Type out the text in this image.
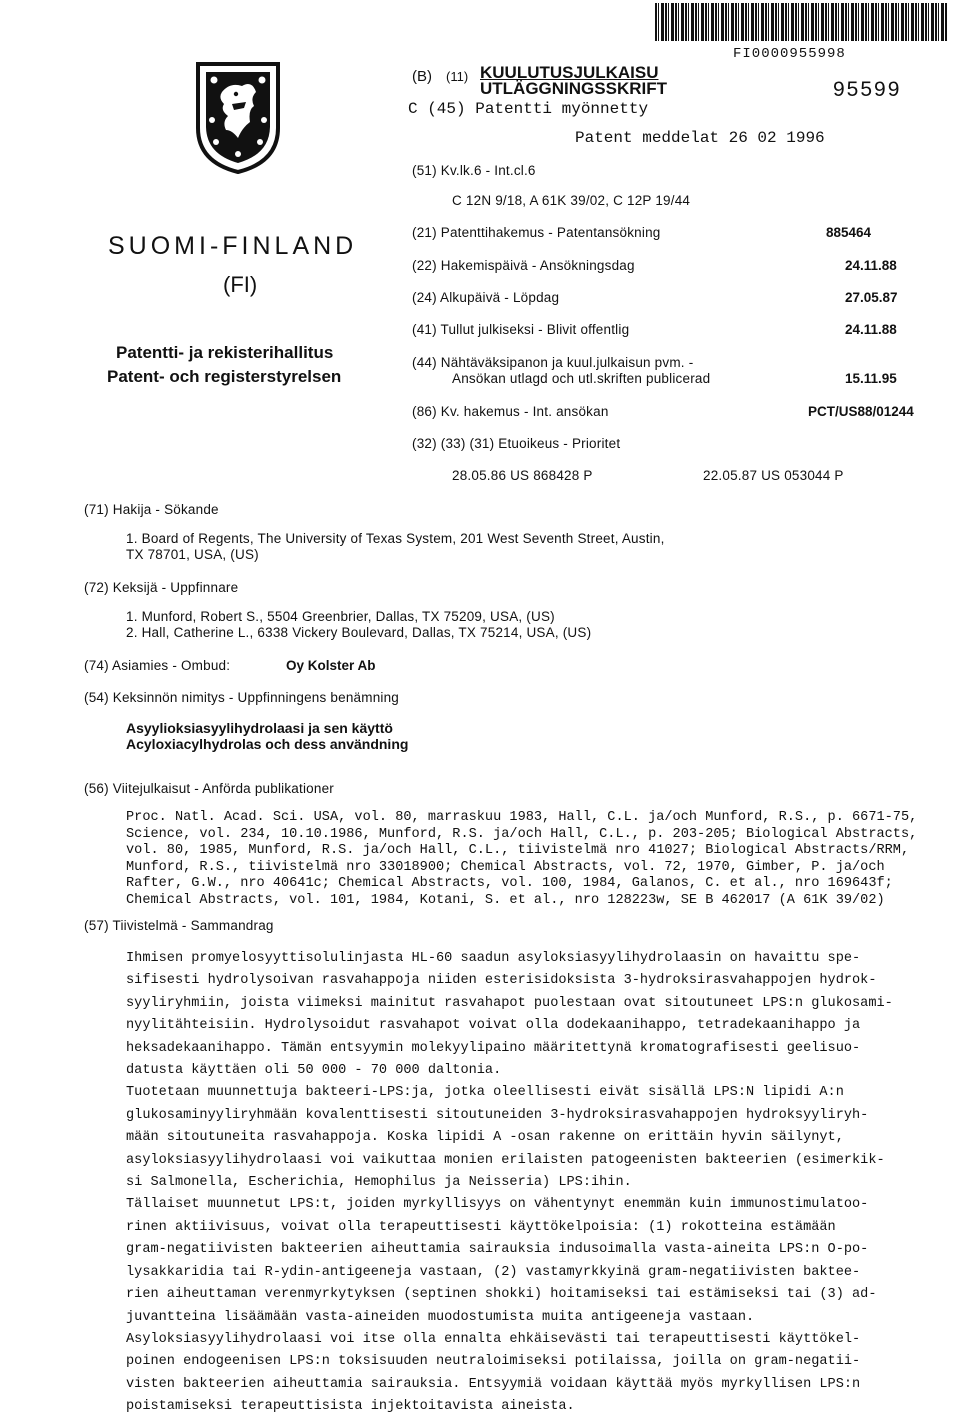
FI0000955998
SUOMI-FINLAND
(FI)
Patentti- ja rekisterihallitus
Patent- och registerstyrelsen
(B) (11) KUULUTUSJULKAISU
UTLÄGGNINGSSKRIFT	95599
C (45) Patentti myönnetty
Patent meddelat 26 02 1996
(51) Kv.lk.6 - Int.cl.6
C 12N 9/18, A 61K 39/02, C 12P 19/44
(21) Patenttihakemus - Patentansökning	885464
(22) Hakemispäivä - Ansökningsdag	24.11.88
(24) Alkupäivä - Löpdag	27.05.87
(41) Tullut julkiseksi - Blivit offentlig	24.11.88
(44) Nähtäväksipanon ja kuul.julkaisun pvm. -
Ansökan utlagd och utl.skriften publicerad	15.11.95
(86) Kv. hakemus - Int. ansökan	PCT/US88/01244
(32) (33) (31) Etuoikeus - Prioritet
28.05.86 US 868428 P	22.05.87 US 053044 P
(71) Hakija - Sökande
1. Board of Regents, The University of Texas System, 201 West Seventh Street, Austin,
TX 78701, USA, (US)
(72) Keksijä - Uppfinnare
1. Munford, Robert S., 5504 Greenbrier, Dallas, TX 75209, USA, (US)
2. Hall, Catherine L., 6338 Vickery Boulevard, Dallas, TX 75214, USA, (US)
(74) Asiamies - Ombud:	Oy Kolster Ab
(54) Keksinnön nimitys - Uppfinningens benämning
Asyylioksiasyylihydrolaasi ja sen käyttö
Acyloxiacylhydrolas och dess användning
(56) Viitejulkaisut - Anförda publikationer
Proc. Natl. Acad. Sci. USA, vol. 80, marraskuu 1983, Hall, C.L. ja/och Munford, R.S., p. 6671-75,
Science, vol. 234, 10.10.1986, Munford, R.S. ja/och Hall, C.L., p. 203-205; Biological Abstracts,
vol. 80, 1985, Munford, R.S. ja/och Hall, C.L., tiivistelmä nro 41027; Biological Abstracts/RRM,
Munford, R.S., tiivistelmä nro 33018900; Chemical Abstracts, vol. 72, 1970, Gimber, P. ja/och
Rafter, G.W., nro 40641c; Chemical Abstracts, vol. 100, 1984, Galanos, C. et al., nro 169643f;
Chemical Abstracts, vol. 101, 1984, Kotani, S. et al., nro 128223w, SE B 462017 (A 61K 39/02)
(57) Tiivistelmä - Sammandrag
Ihmisen promyelosyyttisolulinjasta HL-60 saadun asyloksiasyylihydrolaasin on havaittu spe-
sifisesti hydrolysoivan rasvahappoja niiden esterisidoksista 3-hydroksirasvahappojen hydrok-
syyliryhmiin, joista viimeksi mainitut rasvahapot puolestaan ovat sitoutuneet LPS:n glukosami-
nyylitähteisiin. Hydrolysoidut rasvahapot voivat olla dodekaanihappo, tetradekaanihappo ja
heksadekaanihappo. Tämän entsyymin molekyylipaino määritettynä kromatografisesti geelisuo-
datusta käyttäen oli 50 000 - 70 000 daltonia.
Tuotetaan muunnettuja bakteeri-LPS:ja, jotka oleellisesti eivät sisällä LPS:N lipidi A:n
glukosaminyyliryhmään kovalenttisesti sitoutuneiden 3-hydroksirasvahappojen hydroksyyliryh-
mään sitoutuneita rasvahappoja. Koska lipidi A -osan rakenne on erittäin hyvin säilynyt,
asyloksiasyylihydrolaasi voi vaikuttaa monien erilaisten patogeenisten bakteerien (esimerkik-
si Salmonella, Escherichia, Hemophilus ja Neisseria) LPS:ihin.
Tällaiset muunnetut LPS:t, joiden myrkyllisyys on vähentynyt enemmän kuin immunostimulatoo-
rinen aktiivisuus, voivat olla terapeuttisesti käyttökelpoisia: (1) rokotteina estämään
gram-negatiivisten bakteerien aiheuttamia sairauksia indusoimalla vasta-aineita LPS:n O-po-
lysakkaridia tai R-ydin-antigeeneja vastaan, (2) vastamyrkkyinä gram-negatiivisten baktee-
rien aiheuttaman verenmyrkytyksen (septinen shokki) hoitamiseksi tai estämiseksi tai (3) ad-
juvantteina lisäämään vasta-aineiden muodostumista muita antigeeneja vastaan.
Asyloksiasyylihydrolaasi voi itse olla ennalta ehkäisevästi tai terapeuttisesti käyttökel-
poinen endogeenisen LPS:n toksisuuden neutraloimiseksi potilaissa, joilla on gram-negatii-
visten bakteerien aiheuttamia sairauksia. Entsyymiä voidaan käyttää myös myrkyllisen LPS:n
poistamiseksi terapeuttisista injektoitavista aineista.
